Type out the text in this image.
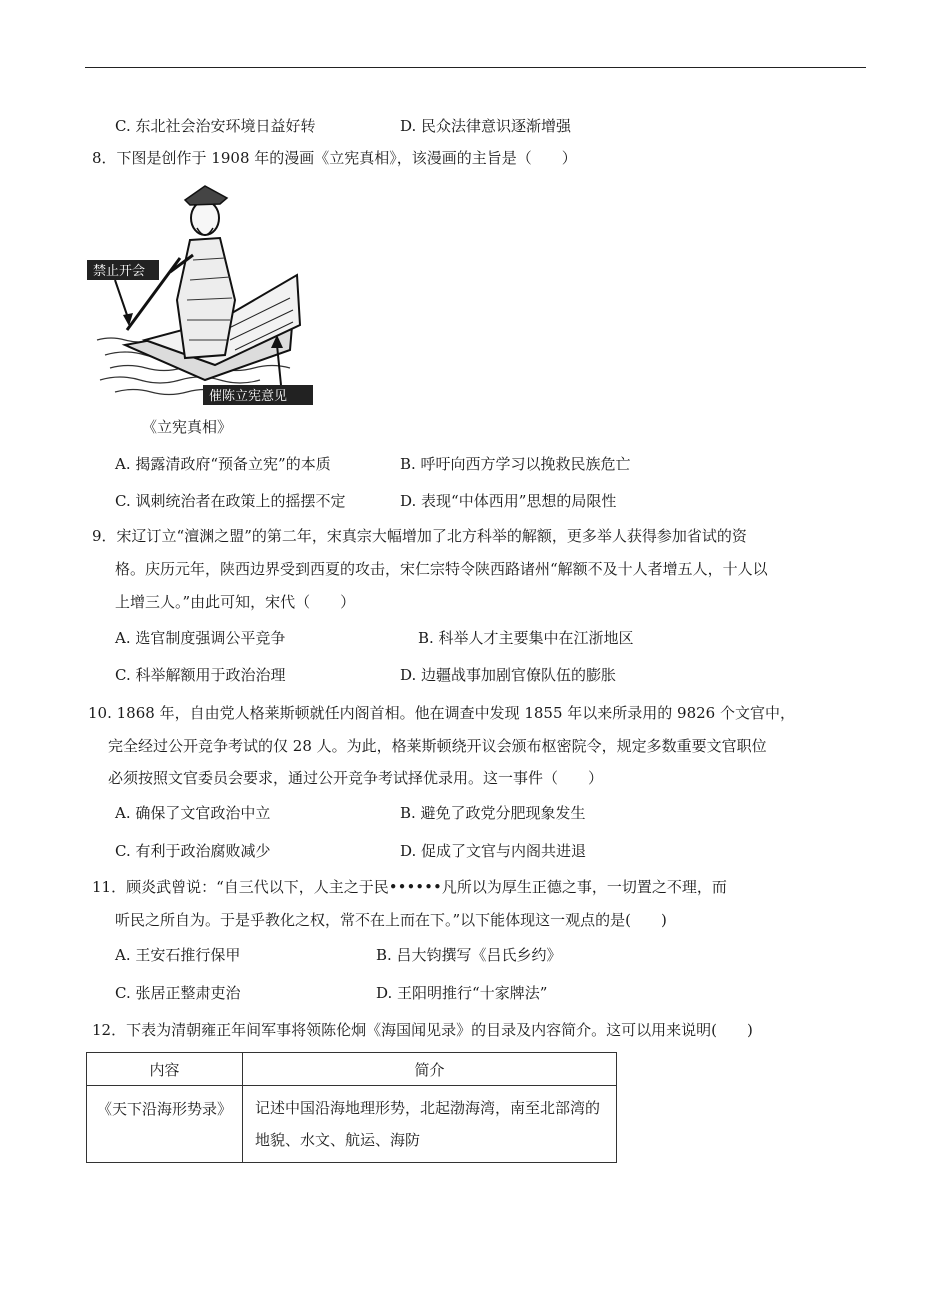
C. 东北社会治安环境日益好转	D. 民众法律意识逐渐增强
8．下图是创作于 1908 年的漫画《立宪真相》，该漫画的主旨是（　　）
禁止开会
催陈立宪意见
《立宪真相》
A. 揭露清政府“预备立宪”的本质	B. 呼吁向西方学习以挽救民族危亡
C. 讽刺统治者在政策上的摇摆不定	D. 表现“中体西用”思想的局限性
9．宋辽订立“澶渊之盟”的第二年，宋真宗大幅增加了北方科举的解额，更多举人获得参加省试的资
格。庆历元年，陕西边界受到西夏的攻击，宋仁宗特令陕西路诸州“解额不及十人者增五人，十人以
上增三人。”由此可知，宋代（　　）
A. 选官制度强调公平竞争	B. 科举人才主要集中在江浙地区
C. 科举解额用于政治治理	D. 边疆战事加剧官僚队伍的膨胀
10. 1868 年，自由党人格莱斯顿就任内阁首相。他在调查中发现 1855 年以来所录用的 9826 个文官中，
完全经过公开竞争考试的仅 28 人。为此，格莱斯顿绕开议会颁布枢密院令，规定多数重要文官职位
必须按照文官委员会要求，通过公开竞争考试择优录用。这一事件（　　）
A. 确保了文官政治中立	B. 避免了政党分肥现象发生
C. 有利于政治腐败减少	D. 促成了文官与内阁共进退
11．顾炎武曾说：“自三代以下，人主之于民••••••凡所以为厚生正德之事，一切置之不理，而
听民之所自为。于是乎教化之权，常不在上而在下。”以下能体现这一观点的是(　　)
A. 王安石推行保甲	B. 吕大钧撰写《吕氏乡约》
C. 张居正整肃吏治	D. 王阳明推行“十家牌法”
12．下表为清朝雍正年间军事将领陈伦炯《海国闻见录》的目录及内容简介。这可以用来说明(　　)
内容	简介
《天下沿海形势录》	记述中国沿海地理形势，北起渤海湾，南至北部湾的地貌、水文、航运、海防
